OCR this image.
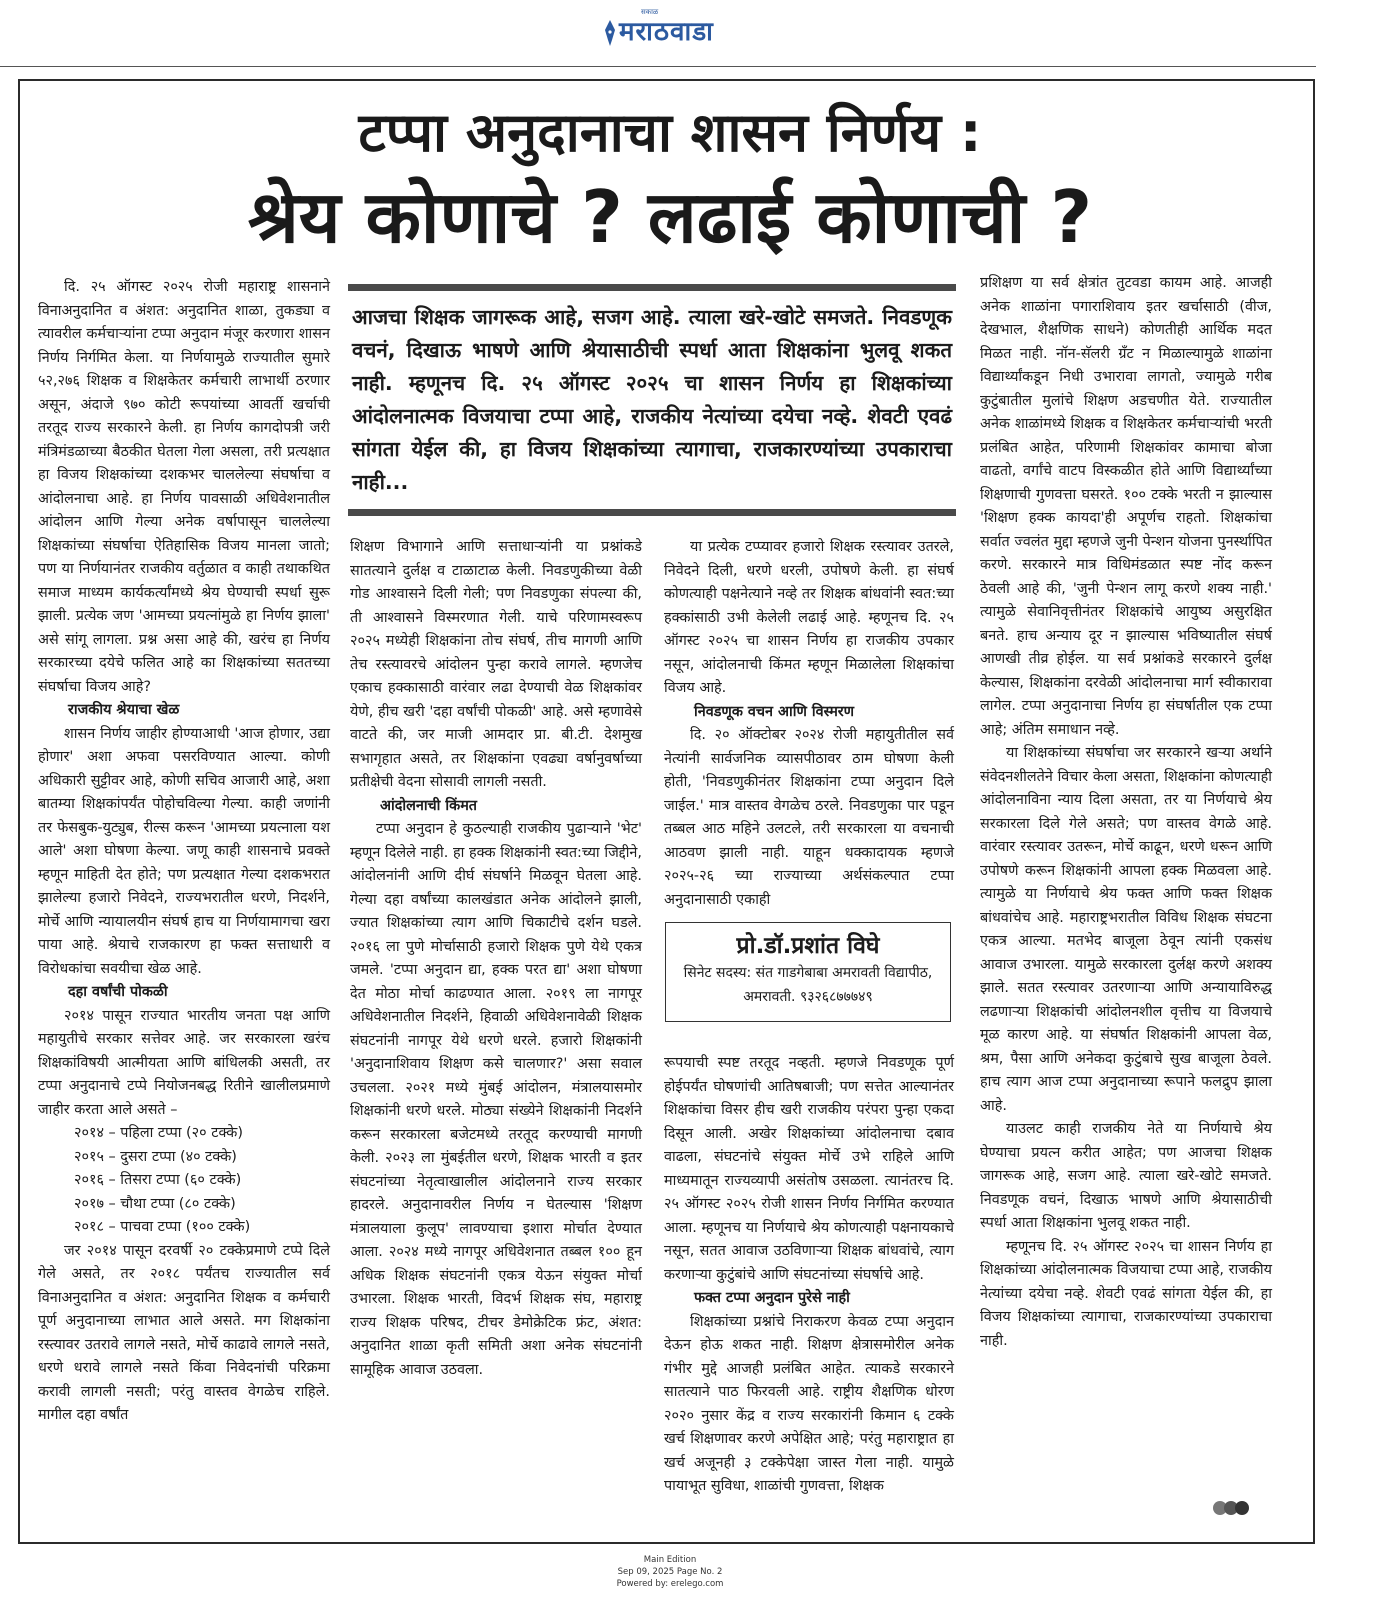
सकाळ
मराठवाडा
टप्पा अनुदानाचा शासन निर्णय :
श्रेय कोणाचे ? लढाई कोणाची ?

दि. २५ ऑगस्ट २०२५ रोजी महाराष्ट्र शासनाने विनाअनुदानित व अंशत: अनुदानित शाळा, तुकड्या व त्यावरील कर्मचाऱ्यांना टप्पा अनुदान मंजूर करणारा शासन निर्णय निर्गमित केला. या निर्णयामुळे राज्यातील सुमारे ५२,२७६ शिक्षक व शिक्षकेतर कर्मचारी लाभार्थी ठरणार असून, अंदाजे ९७० कोटी रूपयांच्या आवर्ती खर्चाची तरतूद राज्य सरकारने केली. हा निर्णय कागदोपत्री जरी मंत्रिमंडळाच्या बैठकीत घेतला गेला असला, तरी प्रत्यक्षात हा विजय शिक्षकांच्या दशकभर चाललेल्या संघर्षाचा व आंदोलनाचा आहे. हा निर्णय पावसाळी अधिवेशनातील आंदोलन आणि गेल्या अनेक वर्षापासून चाललेल्या शिक्षकांच्या संघर्षाचा ऐतिहासिक विजय मानला जातो; पण या निर्णयानंतर राजकीय वर्तुळात व काही तथाकथित समाज माध्यम कार्यकर्त्यांमध्ये श्रेय घेण्याची स्पर्धा सुरू झाली. प्रत्येक जण 'आमच्या प्रयत्नांमुळे हा निर्णय झाला' असे सांगू लागला. प्रश्न असा आहे की, खरंच हा निर्णय सरकारच्या दयेचे फलित आहे का शिक्षकांच्या सततच्या संघर्षाचा विजय आहे?

राजकीय श्रेयाचा खेळ

शासन निर्णय जाहीर होण्याआधी 'आज होणार, उद्या होणार' अशा अफवा पसरविण्यात आल्या. कोणी अधिकारी सुट्टीवर आहे, कोणी सचिव आजारी आहे, अशा बातम्या शिक्षकांपर्यंत पोहोचविल्या गेल्या. काही जणांनी तर फेसबुक-युट्युब, रील्स करून 'आमच्या प्रयत्नाला यश आले' अशा घोषणा केल्या. जणू काही शासनाचे प्रवक्ते म्हणून माहिती देत होते; पण प्रत्यक्षात गेल्या दशकभरात झालेल्या हजारो निवेदने, राज्यभरातील धरणे, निदर्शने, मोर्चे आणि न्यायालयीन संघर्ष हाच या निर्णयामागचा खरा पाया आहे. श्रेयाचे राजकारण हा फक्त सत्ताधारी व विरोधकांचा सवयीचा खेळ आहे.

दहा वर्षांची पोकळी

२०१४ पासून राज्यात भारतीय जनता पक्ष आणि महायुतीचे सरकार सत्तेवर आहे. जर सरकारला खरंच शिक्षकांविषयी आत्मीयता आणि बांधिलकी असती, तर टप्पा अनुदानाचे टप्पे नियोजनबद्ध रितीने खालीलप्रमाणे जाहीर करता आले असते –

२०१४ – पहिला टप्पा (२० टक्के)
२०१५ – दुसरा टप्पा (४० टक्के)
२०१६ – तिसरा टप्पा (६० टक्के)
२०१७ – चौथा टप्पा (८० टक्के)
२०१८ – पाचवा टप्पा (१०० टक्के)

जर २०१४ पासून दरवर्षी २० टक्केप्रमाणे टप्पे दिले गेले असते, तर २०१८ पर्यंतच राज्यातील सर्व विनाअनुदानित व अंशत: अनुदानित शिक्षक व कर्मचारी पूर्ण अनुदानाच्या लाभात आले असते. मग शिक्षकांना रस्त्यावर उतरावे लागले नसते, मोर्चे काढावे लागले नसते, धरणे धरावे लागले नसते किंवा निवेदनांची परिक्रमा करावी लागली नसती; परंतु वास्तव वेगळेच राहिले. मागील दहा वर्षांत

आजचा शिक्षक जागरूक आहे, सजग आहे. त्याला खरे-खोटे समजते. निवडणूक वचनं, दिखाऊ भाषणे आणि श्रेयासाठीची स्पर्धा आता शिक्षकांना भुलवू शकत नाही. म्हणूनच दि. २५ ऑगस्ट २०२५ चा शासन निर्णय हा शिक्षकांच्या आंदोलनात्मक विजयाचा टप्पा आहे, राजकीय नेत्यांच्या दयेचा नव्हे. शेवटी एवढं सांगता येईल की, हा विजय शिक्षकांच्या त्यागाचा, राजकारण्यांच्या उपकाराचा नाही...

शिक्षण विभागाने आणि सत्ताधाऱ्यांनी या प्रश्नांकडे सातत्याने दुर्लक्ष व टाळाटाळ केली. निवडणुकीच्या वेळी गोड आश्वासने दिली गेली; पण निवडणुका संपल्या की, ती आश्वासने विस्मरणात गेली. याचे परिणामस्वरूप २०२५ मध्येही शिक्षकांना तोच संघर्ष, तीच मागणी आणि तेच रस्त्यावरचे आंदोलन पुन्हा करावे लागले. म्हणजेच एकाच हक्कासाठी वारंवार लढा देण्याची वेळ शिक्षकांवर येणे, हीच खरी 'दहा वर्षांची पोकळी' आहे. असे म्हणावेसे वाटते की, जर माजी आमदार प्रा. बी.टी. देशमुख सभागृहात असते, तर शिक्षकांना एवढ्या वर्षानुवर्षाच्या प्रतीक्षेची वेदना सोसावी लागली नसती.

आंदोलनाची किंमत

टप्पा अनुदान हे कुठल्याही राजकीय पुढाऱ्याने 'भेट' म्हणून दिलेले नाही. हा हक्क शिक्षकांनी स्वत:च्या जिद्दीने, आंदोलनांनी आणि दीर्घ संघर्षाने मिळवून घेतला आहे. गेल्या दहा वर्षांच्या कालखंडात अनेक आंदोलने झाली, ज्यात शिक्षकांच्या त्याग आणि चिकाटीचे दर्शन घडले. २०१६ ला पुणे मोर्चासाठी हजारो शिक्षक पुणे येथे एकत्र जमले. 'टप्पा अनुदान द्या, हक्क परत द्या' अशा घोषणा देत मोठा मोर्चा काढण्यात आला. २०१९ ला नागपूर अधिवेशनातील निदर्शने, हिवाळी अधिवेशनावेळी शिक्षक संघटनांनी नागपूर येथे धरणे धरले. हजारो शिक्षकांनी 'अनुदानाशिवाय शिक्षण कसे चालणार?' असा सवाल उचलला. २०२१ मध्ये मुंबई आंदोलन, मंत्रालयासमोर शिक्षकांनी धरणे धरले. मोठ्या संख्येने शिक्षकांनी निदर्शने करून सरकारला बजेटमध्ये तरतूद करण्याची मागणी केली. २०२३ ला मुंबईतील धरणे, शिक्षक भारती व इतर संघटनांच्या नेतृत्वाखालील आंदोलनाने राज्य सरकार हादरले. अनुदानावरील निर्णय न घेतल्यास 'शिक्षण मंत्रालयाला कुलूप' लावण्याचा इशारा मोर्चात देण्यात आला. २०२४ मध्ये नागपूर अधिवेशनात तब्बल १०० हून अधिक शिक्षक संघटनांनी एकत्र येऊन संयुक्त मोर्चा उभारला. शिक्षक भारती, विदर्भ शिक्षक संघ, महाराष्ट्र राज्य शिक्षक परिषद, टीचर डेमोक्रेटिक फ्रंट, अंशत: अनुदानित शाळा कृती समिती अशा अनेक संघटनांनी सामूहिक आवाज उठवला.

या प्रत्येक टप्प्यावर हजारो शिक्षक रस्त्यावर उतरले, निवेदने दिली, धरणे धरली, उपोषणे केली. हा संघर्ष कोणत्याही पक्षनेत्याने नव्हे तर शिक्षक बांधवांनी स्वत:च्या हक्कांसाठी उभी केलेली लढाई आहे. म्हणूनच दि. २५ ऑगस्ट २०२५ चा शासन निर्णय हा राजकीय उपकार नसून, आंदोलनाची किंमत म्हणून मिळालेला शिक्षकांचा विजय आहे.

निवडणूक वचन आणि विस्मरण

दि. २० ऑक्टोबर २०२४ रोजी महायुतीतील सर्व नेत्यांनी सार्वजनिक व्यासपीठावर ठाम घोषणा केली होती, 'निवडणुकीनंतर शिक्षकांना टप्पा अनुदान दिले जाईल.' मात्र वास्तव वेगळेच ठरले. निवडणुका पार पडून तब्बल आठ महिने उलटले, तरी सरकारला या वचनाची आठवण झाली नाही. याहून धक्कादायक म्हणजे २०२५-२६ च्या राज्याच्या अर्थसंकल्पात टप्पा अनुदानासाठी एकाही

प्रो.डॉ.प्रशांत विघे
सिनेट सदस्य: संत गाडगेबाबा अमरावती विद्यापीठ, अमरावती. ९३२६८७७७४९

रूपयाची स्पष्ट तरतूद नव्हती. म्हणजे निवडणूक पूर्ण होईपर्यंत घोषणांची आतिषबाजी; पण सत्तेत आल्यानंतर शिक्षकांचा विसर हीच खरी राजकीय परंपरा पुन्हा एकदा दिसून आली. अखेर शिक्षकांच्या आंदोलनाचा दबाव वाढला, संघटनांचे संयुक्त मोर्चे उभे राहिले आणि माध्यमातून राज्यव्यापी असंतोष उसळला. त्यानंतरच दि. २५ ऑगस्ट २०२५ रोजी शासन निर्णय निर्गमित करण्यात आला. म्हणूनच या निर्णयाचे श्रेय कोणत्याही पक्षनायकाचे नसून, सतत आवाज उठविणाऱ्या शिक्षक बांधवांचे, त्याग करणाऱ्या कुटुंबांचे आणि संघटनांच्या संघर्षाचे आहे.

फक्त टप्पा अनुदान पुरेसे नाही

शिक्षकांच्या प्रश्नांचे निराकरण केवळ टप्पा अनुदान देऊन होऊ शकत नाही. शिक्षण क्षेत्रासमोरील अनेक गंभीर मुद्दे आजही प्रलंबित आहेत. त्याकडे सरकारने सातत्याने पाठ फिरवली आहे. राष्ट्रीय शैक्षणिक धोरण २०२० नुसार केंद्र व राज्य सरकारांनी किमान ६ टक्के खर्च शिक्षणावर करणे अपेक्षित आहे; परंतु महाराष्ट्रात हा खर्च अजूनही ३ टक्केपेक्षा जास्त गेला नाही. यामुळे पायाभूत सुविधा, शाळांची गुणवत्ता, शिक्षक

प्रशिक्षण या सर्व क्षेत्रांत तुटवडा कायम आहे. आजही अनेक शाळांना पगाराशिवाय इतर खर्चासाठी (वीज, देखभाल, शैक्षणिक साधने) कोणतीही आर्थिक मदत मिळत नाही. नॉन-सॅलरी ग्रँट न मिळाल्यामुळे शाळांना विद्यार्थ्यांकडून निधी उभारावा लागतो, ज्यामुळे गरीब कुटुंबातील मुलांचे शिक्षण अडचणीत येते. राज्यातील अनेक शाळांमध्ये शिक्षक व शिक्षकेतर कर्मचाऱ्यांची भरती प्रलंबित आहेत, परिणामी शिक्षकांवर कामाचा बोजा वाढतो, वर्गांचे वाटप विस्कळीत होते आणि विद्यार्थ्यांच्या शिक्षणाची गुणवत्ता घसरते. १०० टक्के भरती न झाल्यास 'शिक्षण हक्क कायदा'ही अपूर्णच राहतो. शिक्षकांचा सर्वात ज्वलंत मुद्दा म्हणजे जुनी पेन्शन योजना पुनर्स्थापित करणे. सरकारने मात्र विधिमंडळात स्पष्ट नोंद करून ठेवली आहे की, 'जुनी पेन्शन लागू करणे शक्य नाही.' त्यामुळे सेवानिवृत्तीनंतर शिक्षकांचे आयुष्य असुरक्षित बनते. हाच अन्याय दूर न झाल्यास भविष्यातील संघर्ष आणखी तीव्र होईल. या सर्व प्रश्नांकडे सरकारने दुर्लक्ष केल्यास, शिक्षकांना दरवेळी आंदोलनाचा मार्ग स्वीकारावा लागेल. टप्पा अनुदानाचा निर्णय हा संघर्षातील एक टप्पा आहे; अंतिम समाधान नव्हे.

या शिक्षकांच्या संघर्षाचा जर सरकारने खऱ्या अर्थाने संवेदनशीलतेने विचार केला असता, शिक्षकांना कोणत्याही आंदोलनाविना न्याय दिला असता, तर या निर्णयाचे श्रेय सरकारला दिले गेले असते; पण वास्तव वेगळे आहे. वारंवार रस्त्यावर उतरून, मोर्चे काढून, धरणे धरून आणि उपोषणे करून शिक्षकांनी आपला हक्क मिळवला आहे. त्यामुळे या निर्णयाचे श्रेय फक्त आणि फक्त शिक्षक बांधवांचेच आहे. महाराष्ट्रभरातील विविध शिक्षक संघटना एकत्र आल्या. मतभेद बाजूला ठेवून त्यांनी एकसंध आवाज उभारला. यामुळे सरकारला दुर्लक्ष करणे अशक्य झाले. सतत रस्त्यावर उतरणाऱ्या आणि अन्यायाविरुद्ध लढणाऱ्या शिक्षकांची आंदोलनशील वृत्तीच या विजयाचे मूळ कारण आहे. या संघर्षात शिक्षकांनी आपला वेळ, श्रम, पैसा आणि अनेकदा कुटुंबाचे सुख बाजूला ठेवले. हाच त्याग आज टप्पा अनुदानाच्या रूपाने फलद्रुप झाला आहे.

याउलट काही राजकीय नेते या निर्णयाचे श्रेय घेण्याचा प्रयत्न करीत आहेत; पण आजचा शिक्षक जागरूक आहे, सजग आहे. त्याला खरे-खोटे समजते. निवडणूक वचनं, दिखाऊ भाषणे आणि श्रेयासाठीची स्पर्धा आता शिक्षकांना भुलवू शकत नाही.

म्हणूनच दि. २५ ऑगस्ट २०२५ चा शासन निर्णय हा शिक्षकांच्या आंदोलनात्मक विजयाचा टप्पा आहे, राजकीय नेत्यांच्या दयेचा नव्हे. शेवटी एवढं सांगता येईल की, हा विजय शिक्षकांच्या त्यागाचा, राजकारण्यांच्या उपकाराचा नाही.

Main Edition
Sep 09, 2025 Page No. 2
Powered by: erelego.com
